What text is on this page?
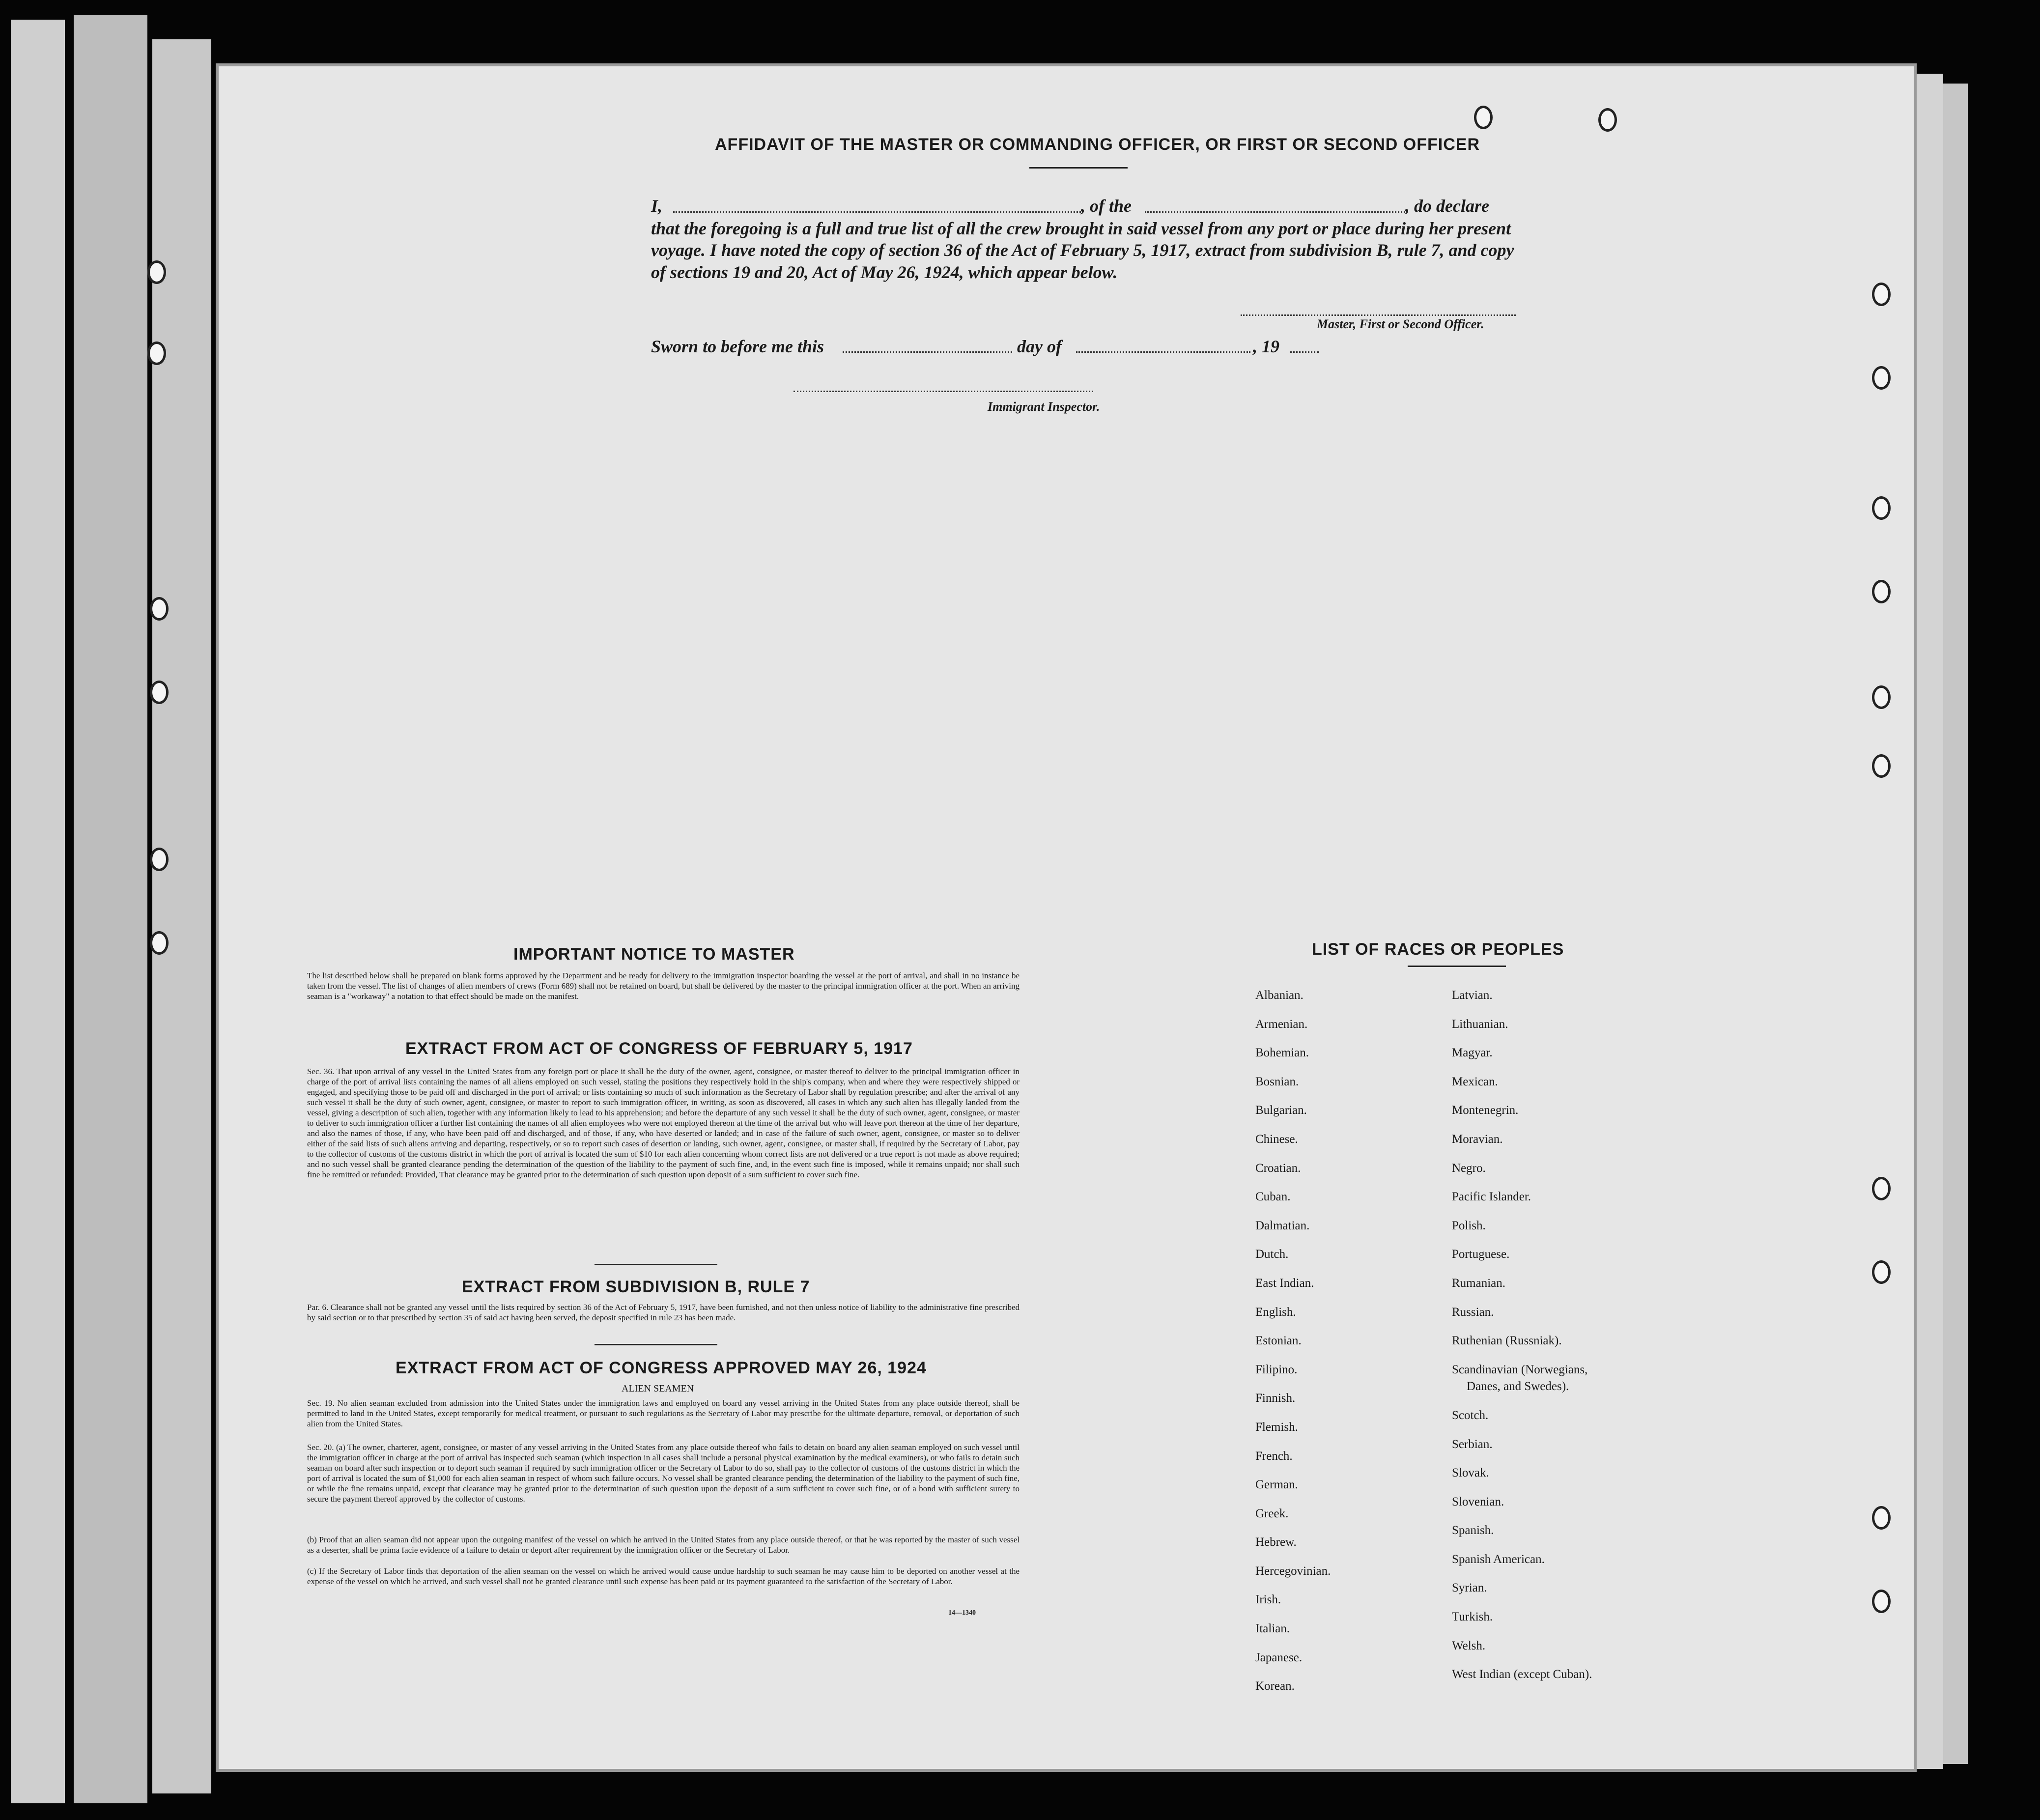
AFFIDAVIT OF THE MASTER OR COMMANDING OFFICER, OR FIRST OR SECOND OFFICER
I,	, of the	, do declare
that the foregoing is a full and true list of all the crew brought in said vessel from any port or place during her present
voyage. I have noted the copy of section 36 of the Act of February 5, 1917, extract from subdivision B, rule 7, and copy
of sections 19 and 20, Act of May 26, 1924, which appear below.
Master, First or Second Officer.
Sworn to before me this	day of	, 19
Immigrant Inspector.
IMPORTANT NOTICE TO MASTER
The list described below shall be prepared on blank forms approved by the Department and be ready for delivery to the immigration inspector boarding the vessel at the port of arrival, and shall in no instance be taken from the vessel. The list of changes of alien members of crews (Form 689) shall not be retained on board, but shall be delivered by the master to the principal immigration officer at the port. When an arriving seaman is a "workaway" a notation to that effect should be made on the manifest.
EXTRACT FROM ACT OF CONGRESS OF FEBRUARY 5, 1917
Sec. 36. That upon arrival of any vessel in the United States from any foreign port or place it shall be the duty of the owner, agent, consignee, or master thereof to deliver to the principal immigration officer in charge of the port of arrival lists containing the names of all aliens employed on such vessel, stating the positions they respectively hold in the ship's company, when and where they were respectively shipped or engaged, and specifying those to be paid off and discharged in the port of arrival; or lists containing so much of such information as the Secretary of Labor shall by regulation prescribe; and after the arrival of any such vessel it shall be the duty of such owner, agent, consignee, or master to report to such immigration officer, in writing, as soon as discovered, all cases in which any such alien has illegally landed from the vessel, giving a description of such alien, together with any information likely to lead to his apprehension; and before the departure of any such vessel it shall be the duty of such owner, agent, consignee, or master to deliver to such immigration officer a further list containing the names of all alien employees who were not employed thereon at the time of the arrival but who will leave port thereon at the time of her departure, and also the names of those, if any, who have been paid off and discharged, and of those, if any, who have deserted or landed; and in case of the failure of such owner, agent, consignee, or master so to deliver either of the said lists of such aliens arriving and departing, respectively, or so to report such cases of desertion or landing, such owner, agent, consignee, or master shall, if required by the Secretary of Labor, pay to the collector of customs of the customs district in which the port of arrival is located the sum of $10 for each alien concerning whom correct lists are not delivered or a true report is not made as above required; and no such vessel shall be granted clearance pending the determination of the question of the liability to the payment of such fine, and, in the event such fine is imposed, while it remains unpaid; nor shall such fine be remitted or refunded: Provided, That clearance may be granted prior to the determination of such question upon deposit of a sum sufficient to cover such fine.
EXTRACT FROM SUBDIVISION B, RULE 7
Par. 6. Clearance shall not be granted any vessel until the lists required by section 36 of the Act of February 5, 1917, have been furnished, and not then unless notice of liability to the administrative fine prescribed by said section or to that prescribed by section 35 of said act having been served, the deposit specified in rule 23 has been made.
EXTRACT FROM ACT OF CONGRESS APPROVED MAY 26, 1924
ALIEN SEAMEN
Sec. 19. No alien seaman excluded from admission into the United States under the immigration laws and employed on board any vessel arriving in the United States from any place outside thereof, shall be permitted to land in the United States, except temporarily for medical treatment, or pursuant to such regulations as the Secretary of Labor may prescribe for the ultimate departure, removal, or deportation of such alien from the United States.
Sec. 20. (a) The owner, charterer, agent, consignee, or master of any vessel arriving in the United States from any place outside thereof who fails to detain on board any alien seaman employed on such vessel until the immigration officer in charge at the port of arrival has inspected such seaman (which inspection in all cases shall include a personal physical examination by the medical examiners), or who fails to detain such seaman on board after such inspection or to deport such seaman if required by such immigration officer or the Secretary of Labor to do so, shall pay to the collector of customs of the customs district in which the port of arrival is located the sum of $1,000 for each alien seaman in respect of whom such failure occurs. No vessel shall be granted clearance pending the determination of the liability to the payment of such fine, or while the fine remains unpaid, except that clearance may be granted prior to the determination of such question upon the deposit of a sum sufficient to cover such fine, or of a bond with sufficient surety to secure the payment thereof approved by the collector of customs.
(b) Proof that an alien seaman did not appear upon the outgoing manifest of the vessel on which he arrived in the United States from any place outside thereof, or that he was reported by the master of such vessel as a deserter, shall be prima facie evidence of a failure to detain or deport after requirement by the immigration officer or the Secretary of Labor.
(c) If the Secretary of Labor finds that deportation of the alien seaman on the vessel on which he arrived would cause undue hardship to such seaman he may cause him to be deported on another vessel at the expense of the vessel on which he arrived, and such vessel shall not be granted clearance until such expense has been paid or its payment guaranteed to the satisfaction of the Secretary of Labor.
14—1340
LIST OF RACES OR PEOPLES
Albanian.
Armenian.
Bohemian.
Bosnian.
Bulgarian.
Chinese.
Croatian.
Cuban.
Dalmatian.
Dutch.
East Indian.
English.
Estonian.
Filipino.
Finnish.
Flemish.
French.
German.
Greek.
Hebrew.
Hercegovinian.
Irish.
Italian.
Japanese.
Korean.
Latvian.
Lithuanian.
Magyar.
Mexican.
Montenegrin.
Moravian.
Negro.
Pacific Islander.
Polish.
Portuguese.
Rumanian.
Russian.
Ruthenian (Russniak).
Scandinavian (Norwegians,
Danes, and Swedes).
Scotch.
Serbian.
Slovak.
Slovenian.
Spanish.
Spanish American.
Syrian.
Turkish.
Welsh.
West Indian (except Cuban).
